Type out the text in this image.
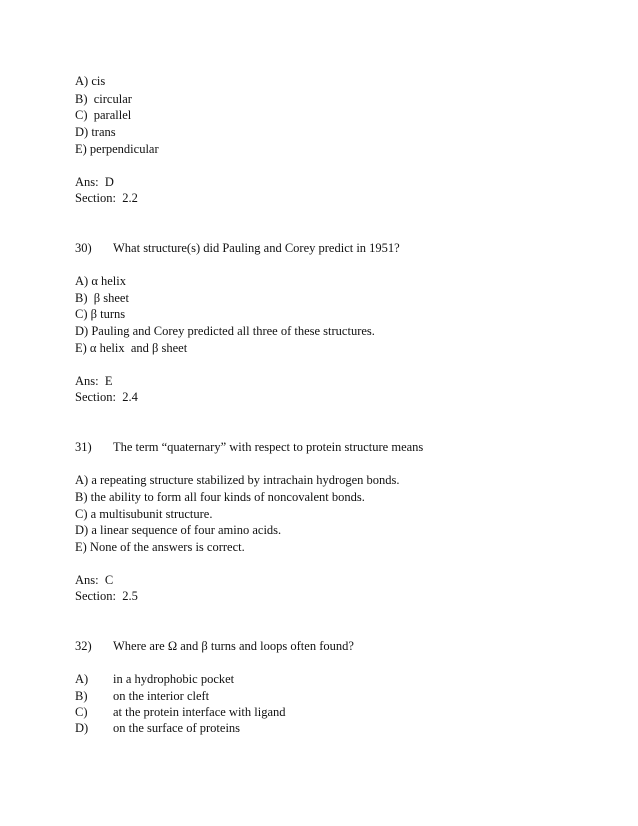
A) cis
B)  circular
C)  parallel
D) trans
E) perpendicular
Ans:  D
Section:  2.2
30) What structure(s) did Pauling and Corey predict in 1951?
A) α helix
B)  β sheet
C) β turns
D) Pauling and Corey predicted all three of these structures.
E) α helix  and β sheet
Ans:  E
Section:  2.4
31) The term “quaternary” with respect to protein structure means
A) a repeating structure stabilized by intrachain hydrogen bonds.
B) the ability to form all four kinds of noncovalent bonds.
C) a multisubunit structure.
D) a linear sequence of four amino acids.
E) None of the answers is correct.
Ans:  C
Section:  2.5
32) Where are Ω and β turns and loops often found?
A) in a hydrophobic pocket
B) on the interior cleft
C) at the protein interface with ligand
D) on the surface of proteins
